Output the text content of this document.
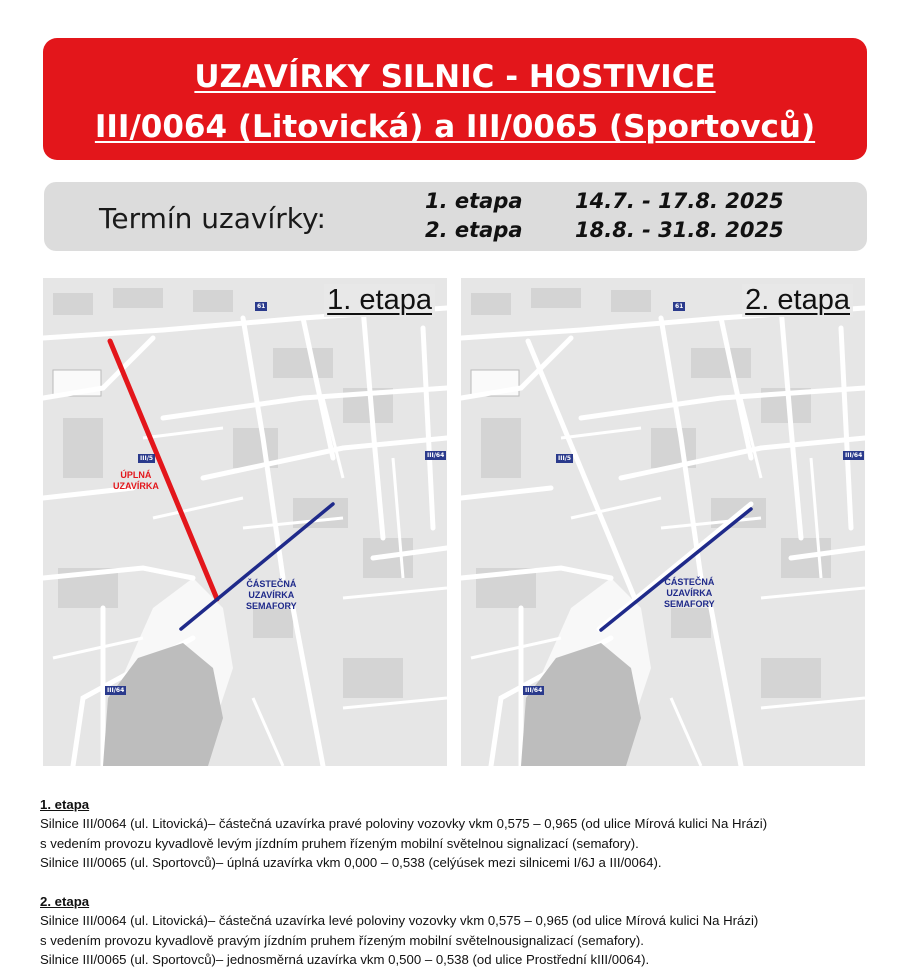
UZAVÍRKY SILNIC - HOSTIVICE
III/0064 (Litovická) a III/0065 (Sportovců)
Termín uzavírky:
1. etapa 14.7. - 17.8. 2025
2. etapa 18.8. - 31.8. 2025
61
III/5	III/64
III/64
ÚPLNÁ
UZAVÍRKA
ČÁSTEČNÁ
UZAVÍRKA
SEMAFORY
1. etapa	61
III/5	III/64
III/64
ČÁSTEČNÁ
UZAVÍRKA
SEMAFORY
2. etapa
1. etapa
Silnice III/0064 (ul. Litovická)– částečná uzavírka pravé poloviny vozovky vkm 0,575 – 0,965 (od ulice Mírová kulici Na Hrázi)
s vedením provozu kyvadlově levým jízdním pruhem řízeným mobilní světelnou signalizací (semafory).
Silnice III/0065 (ul. Sportovců)– úplná uzavírka vkm 0,000 – 0,538 (celýúsek mezi silnicemi I/6J a III/0064).
2. etapa
Silnice III/0064 (ul. Litovická)– částečná uzavírka levé poloviny vozovky vkm 0,575 – 0,965 (od ulice Mírová kulici Na Hrázi)
s vedením provozu kyvadlově pravým jízdním pruhem řízeným mobilní světelnousignalizací (semafory).
Silnice III/0065 (ul. Sportovců)– jednosměrná uzavírka vkm 0,500 – 0,538 (od ulice Prostřední kIII/0064).
